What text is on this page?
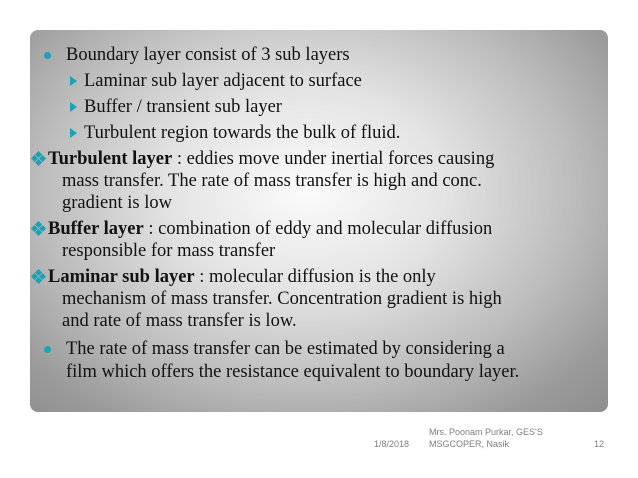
Boundary layer consist of 3 sub layers
Laminar sub layer adjacent to surface
Buffer / transient sub layer
Turbulent region towards the bulk of fluid.
Turbulent layer : eddies move under inertial forces causing
mass transfer. The rate of mass transfer is high and conc.
gradient is low
Buffer layer : combination of eddy and molecular diffusion
responsible for mass transfer
Laminar sub layer : molecular diffusion is the only
mechanism of mass transfer. Concentration gradient is high
and rate of mass transfer is low.
The rate of mass transfer can be estimated by considering a
film which offers the resistance equivalent to boundary layer.
1/8/2018
Mrs. Poonam Purkar, GES'S
MSGCOPER, Nasik	12
